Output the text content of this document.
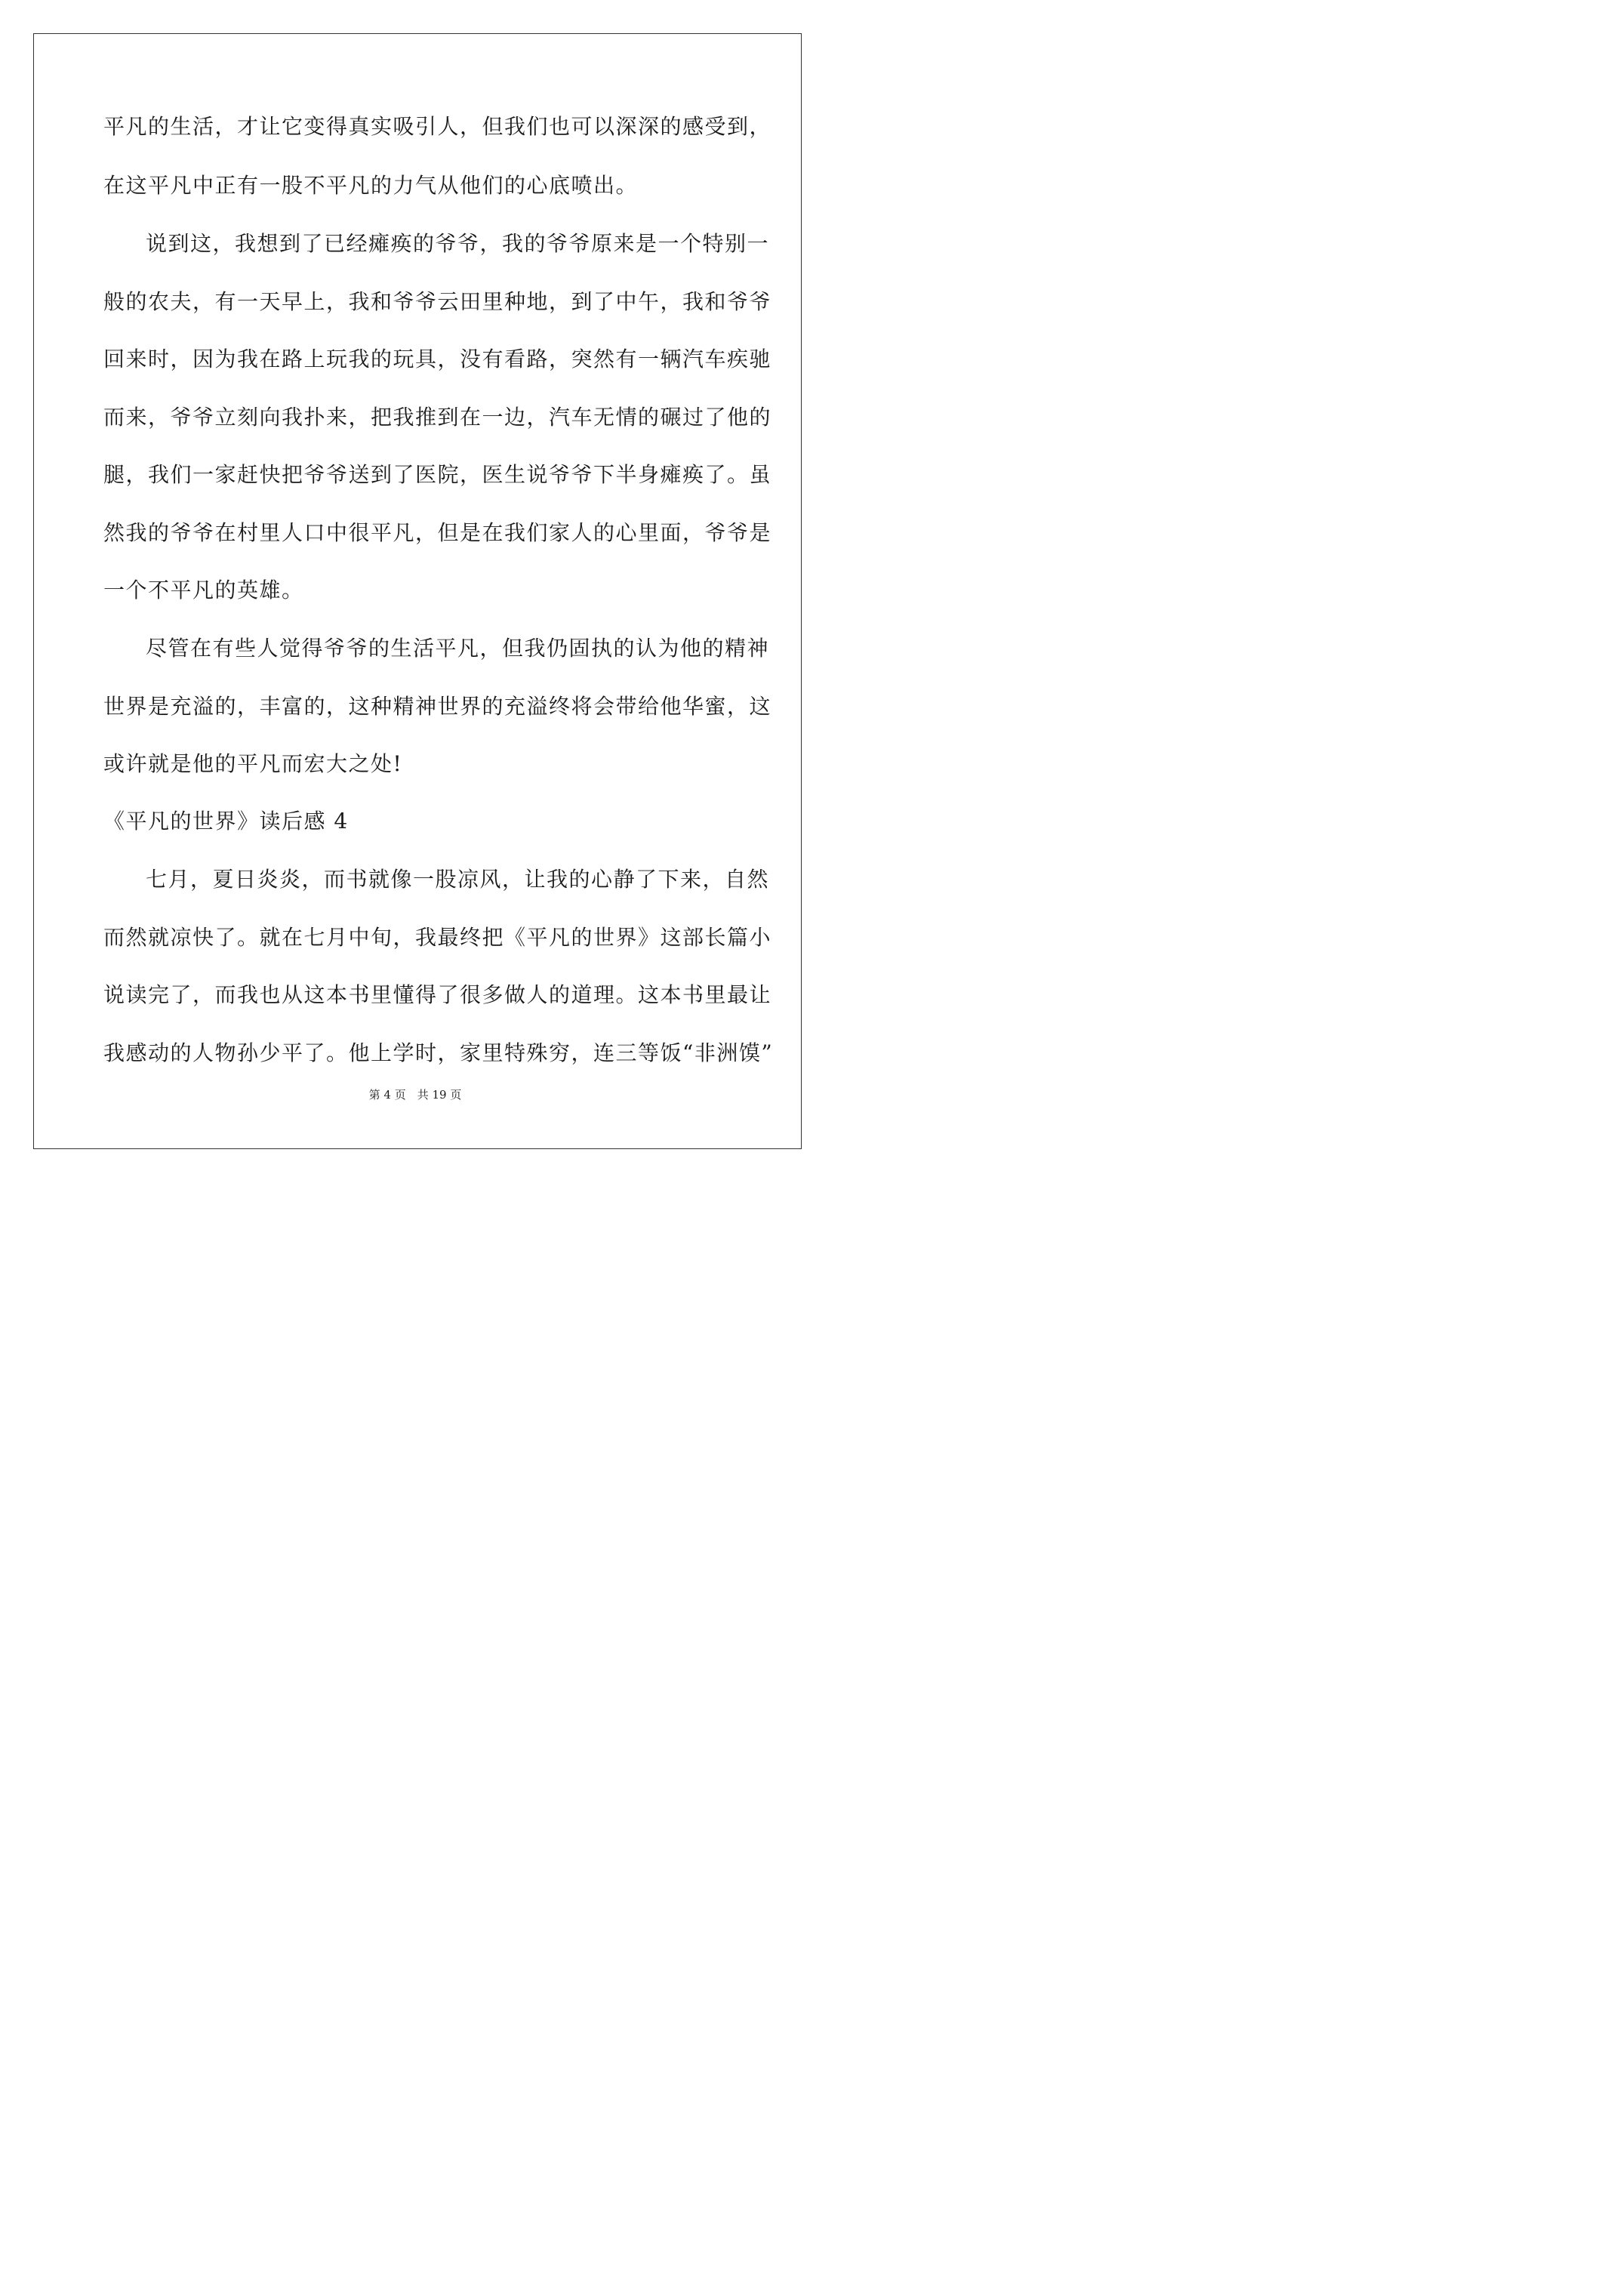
平凡的生活，才让它变得真实吸引人，但我们也可以深深的感受到，
在这平凡中正有一股不平凡的力气从他们的心底喷出。
说到这，我想到了已经瘫痪的爷爷，我的爷爷原来是一个特别一
般的农夫，有一天早上，我和爷爷云田里种地，到了中午，我和爷爷
回来时，因为我在路上玩我的玩具，没有看路，突然有一辆汽车疾驰
而来，爷爷立刻向我扑来，把我推到在一边，汽车无情的碾过了他的
腿，我们一家赶快把爷爷送到了医院，医生说爷爷下半身瘫痪了。虽
然我的爷爷在村里人口中很平凡，但是在我们家人的心里面，爷爷是
一个不平凡的英雄。
尽管在有些人觉得爷爷的生活平凡，但我仍固执的认为他的精神
世界是充溢的，丰富的，这种精神世界的充溢终将会带给他华蜜，这
或许就是他的平凡而宏大之处!
《平凡的世界》读后感 4
七月，夏日炎炎，而书就像一股凉风，让我的心静了下来，自然
而然就凉快了。就在七月中旬，我最终把《平凡的世界》这部长篇小
说读完了，而我也从这本书里懂得了很多做人的道理。这本书里最让
我感动的人物孙少平了。他上学时，家里特殊穷，连三等饭“非洲馍”
第 4 页　共 19 页
